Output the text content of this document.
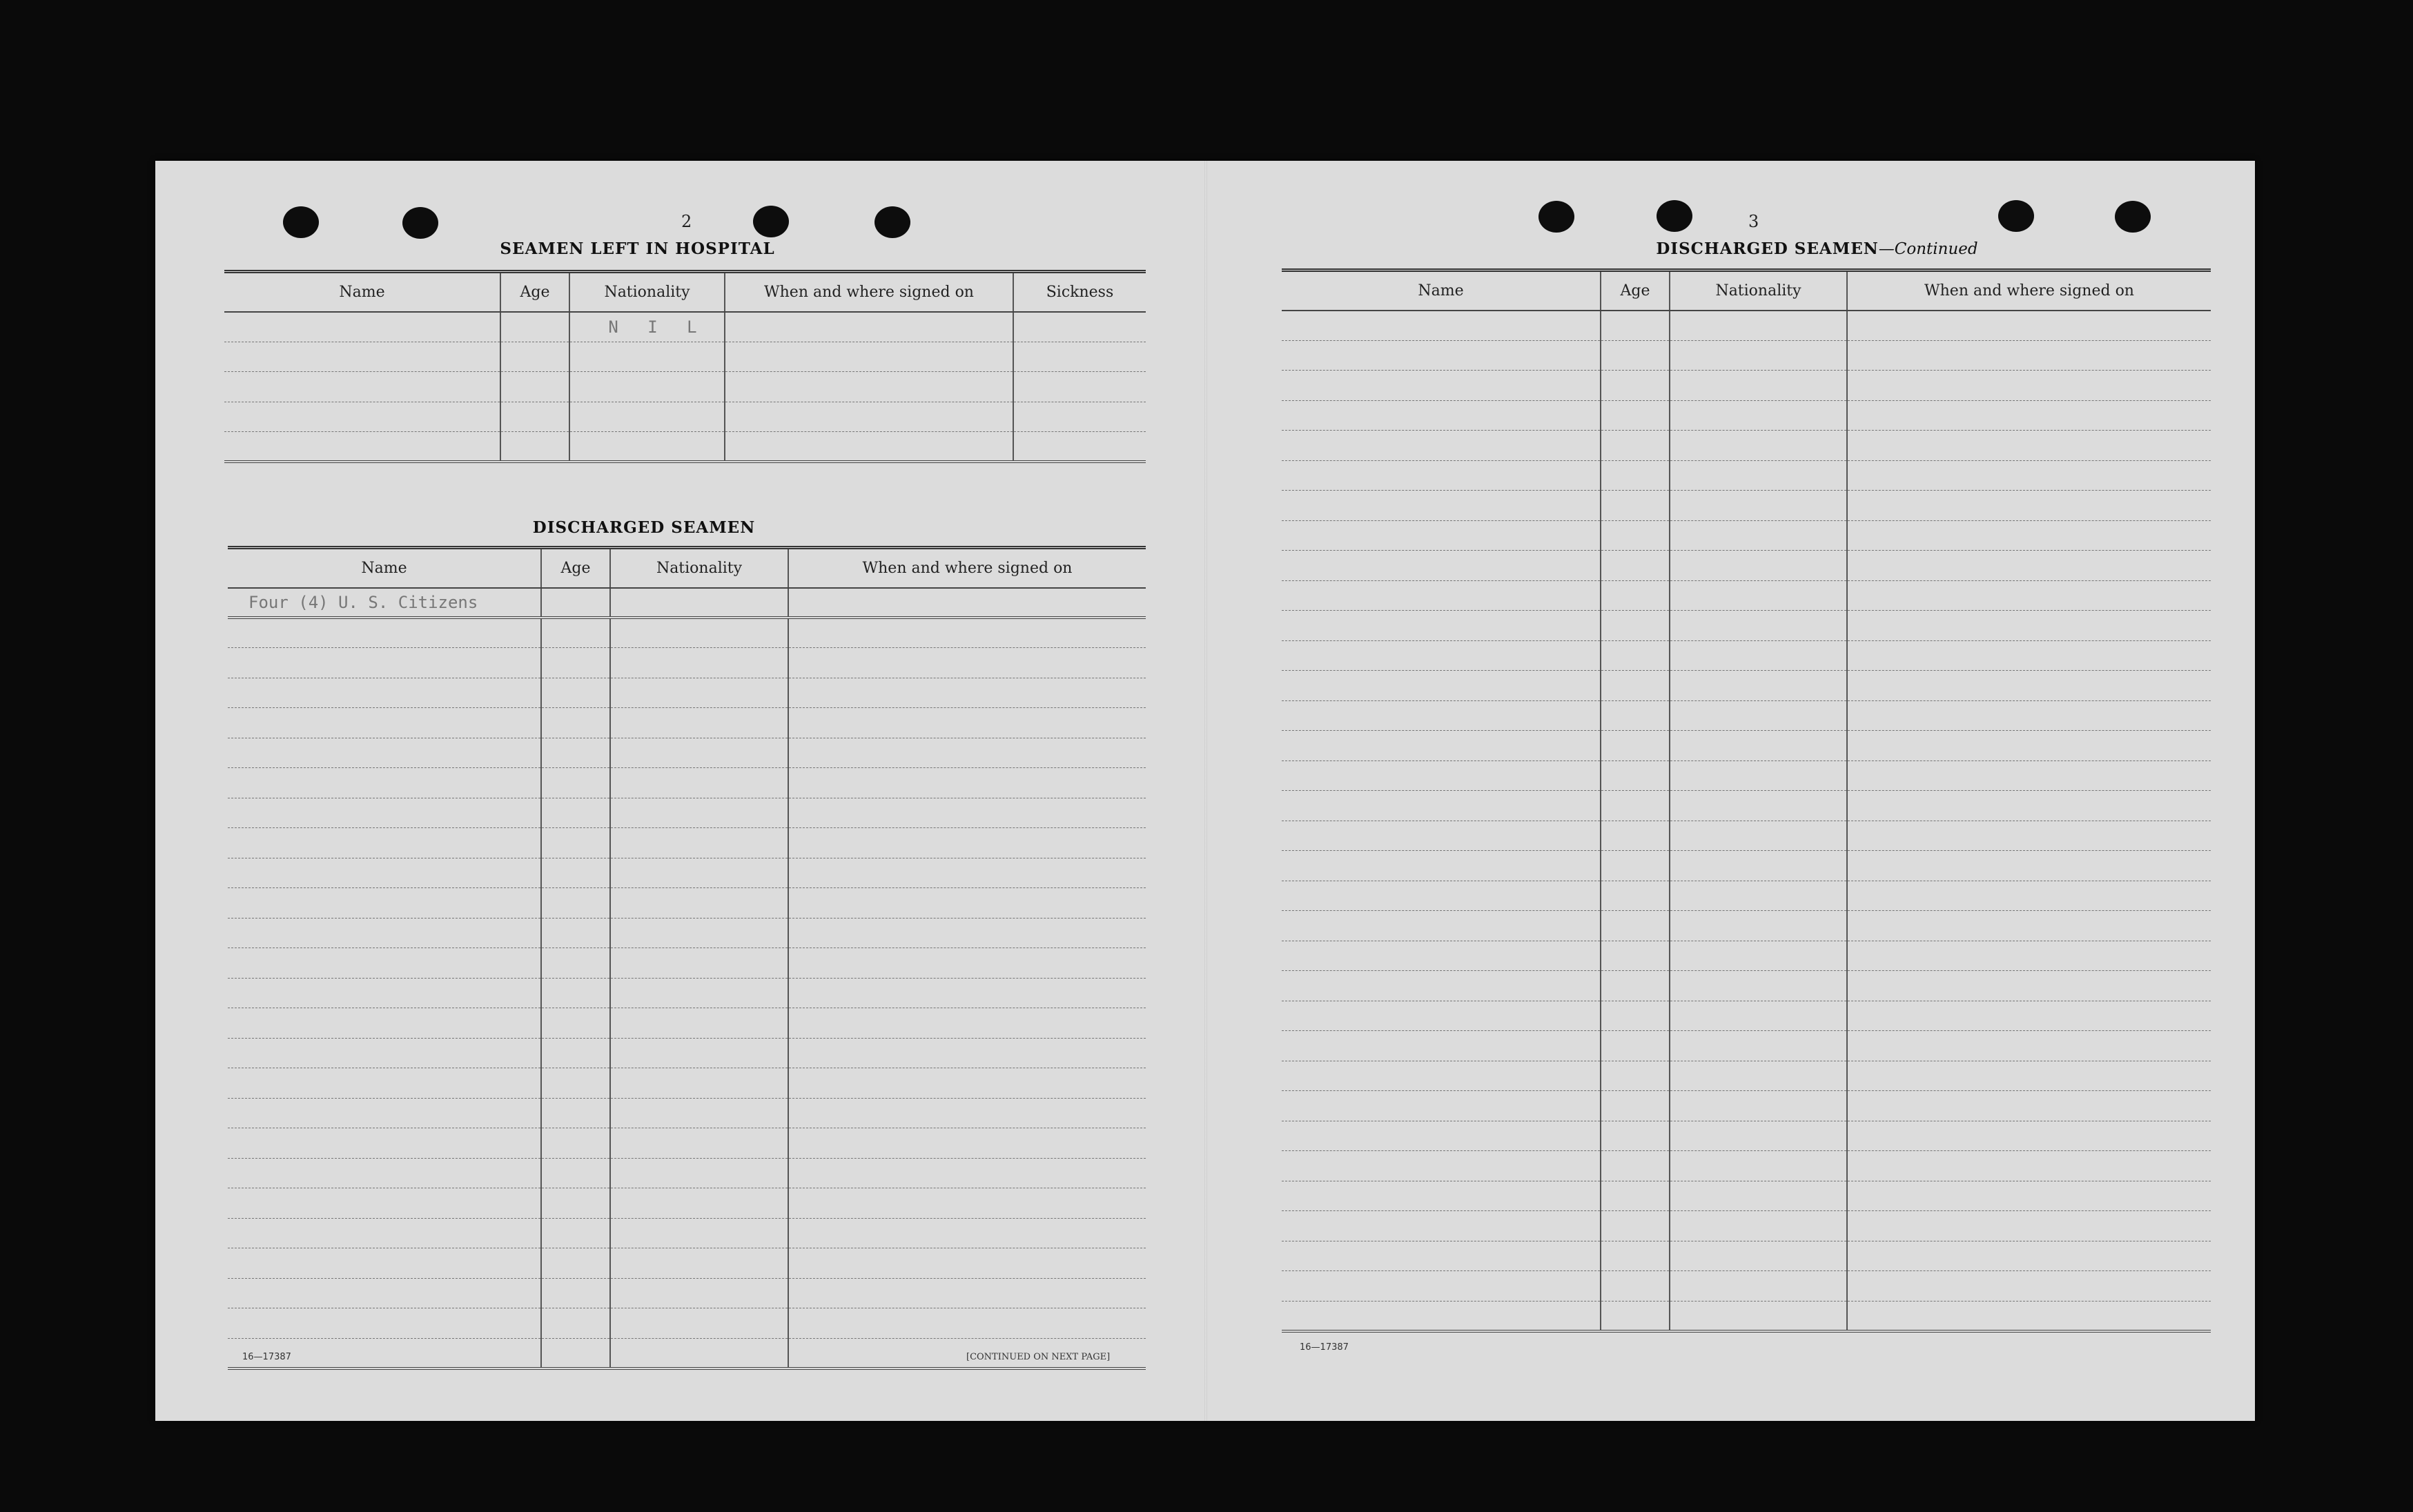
2
SEAMEN LEFT IN HOSPITAL
Name	Age	Nationality	When and where signed on	Sickness
		N I L		

DISCHARGED SEAMEN
Name	Age	Nationality	When and where signed on
Four (4) U. S. Citizens			

16—17387	[CONTINUED ON NEXT PAGE]
3
DISCHARGED SEAMEN—Continued
Name	Age	Nationality	When and where signed on

16—17387
